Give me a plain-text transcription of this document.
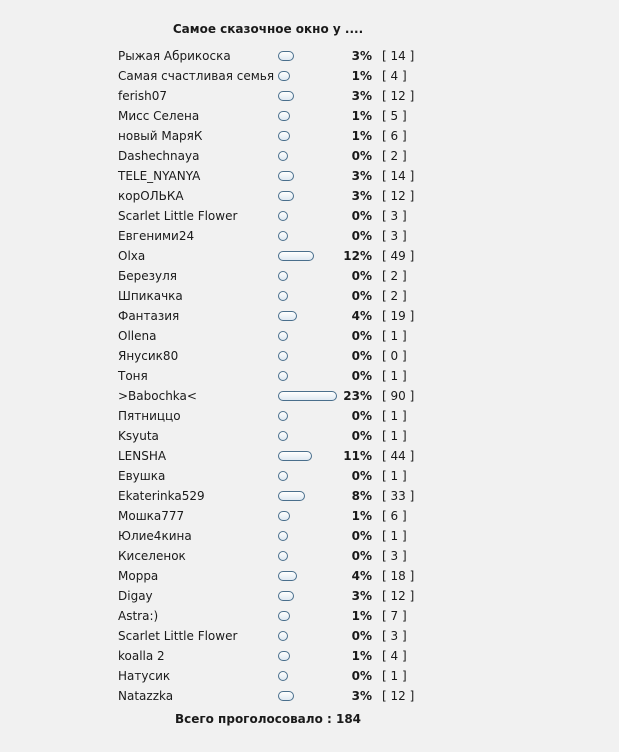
Самое сказочное окно у ....
Рыжая Абрикоска	3% [ 14 ]
Самая счастливая семья	1% [ 4 ]
ferish07	3% [ 12 ]
Мисс Селена	1% [ 5 ]
новый МаряК	1% [ 6 ]
Dashechnaya	0% [ 2 ]
TELE_NYANYA	3% [ 14 ]
корОЛЬКА	3% [ 12 ]
Scarlet Little Flower	0% [ 3 ]
Евгеними24	0% [ 3 ]
Olxa	12% [ 49 ]
Березуля	0% [ 2 ]
Шпикачка	0% [ 2 ]
Фантазия	4% [ 19 ]
Ollena	0% [ 1 ]
Янусик80	0% [ 0 ]
Тоня	0% [ 1 ]
>Babochka<	23% [ 90 ]
Пятниццо	0% [ 1 ]
Ksyuta	0% [ 1 ]
LENSHA	11% [ 44 ]
Евушка	0% [ 1 ]
Ekaterinka529	8% [ 33 ]
Мошка777	1% [ 6 ]
Юлие4кина	0% [ 1 ]
Киселенок	0% [ 3 ]
Морра	4% [ 18 ]
Digay	3% [ 12 ]
Astra:)	1% [ 7 ]
Scarlet Little Flower	0% [ 3 ]
koalla 2	1% [ 4 ]
Натусик	0% [ 1 ]
Natazzka	3% [ 12 ]
Всего проголосовало : 184
